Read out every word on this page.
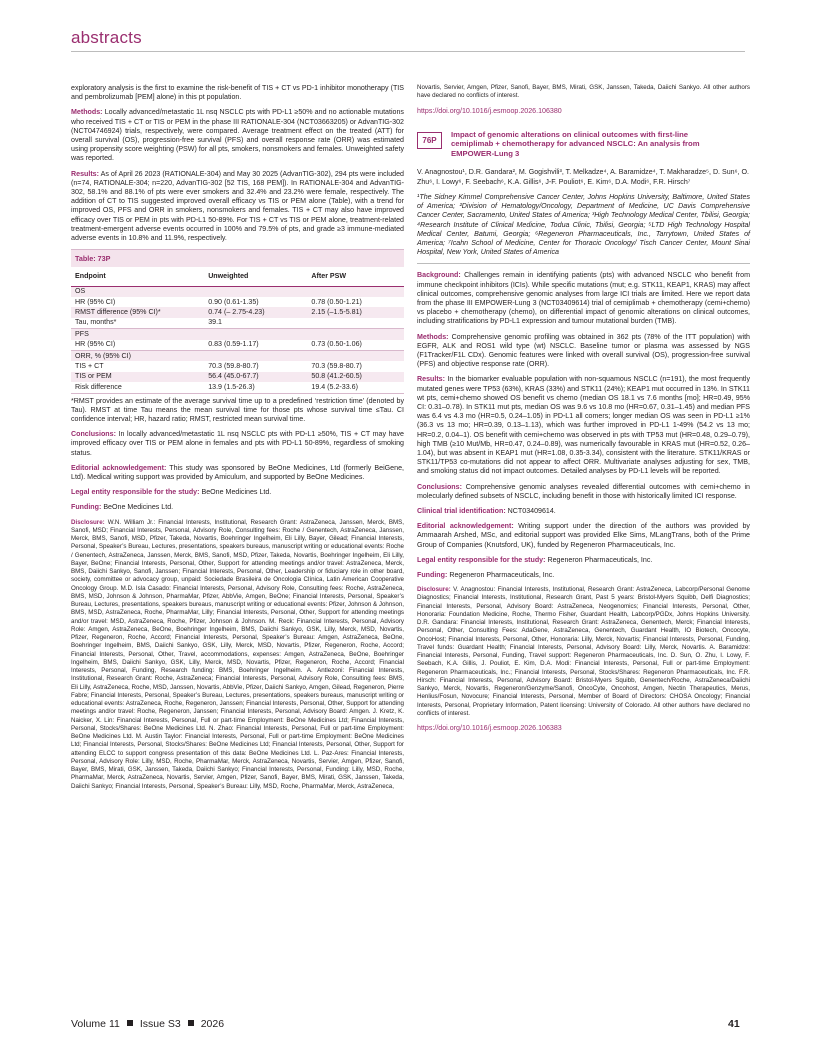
abstracts

exploratory analysis is the first to examine the risk-benefit of TIS + CT vs PD-1 inhibitor monotherapy (TIS and pembrolizumab [PEM] alone) in this pt population.

Methods: Locally advanced/metastatic 1L nsq NSCLC pts with PD-L1 ≥50% and no actionable mutations who received TIS + CT or TIS or PEM in the phase III RATIONALE-304 (NCT03663205) or AdvanTIG-302 (NCT04746924) trials, respectively, were compared. Average treatment effect on the treated (ATT) for overall survival (OS), progression-free survival (PFS) and overall response rate (ORR) was estimated using propensity score weighting (PSW) for all pts, smokers, nonsmokers and females. Unweighted safety was reported.

Results: As of April 26 2023 (RATIONALE-304) and May 30 2025 (AdvanTIG-302), 294 pts were included (n=74, RATIONALE-304; n=220, AdvanTIG-302 [52 TIS, 168 PEM]). In RATIONALE-304 and AdvanTIG-302, 58.1% and 88.1% of pts were ever smokers and 32.4% and 23.2% were female, respectively. The addition of CT to TIS suggested improved overall efficacy vs TIS or PEM alone (Table), with a trend for improved OS, PFS and ORR in smokers, nonsmokers and females. TIS + CT may also have improved efficacy over TIS or PEM in pts with PD-L1 50-89%. For TIS + CT vs TIS or PEM alone, treatment-related treatment-emergent adverse events occurred in 100% and 79.5% of pts, and grade ≥3 immune-mediated adverse events in 10.8% and 11.9%, respectively.

Table: 73P
Endpoint	Unweighted	After PSW
OS		
HR (95% CI)	0.90 (0.61-1.35)	0.78 (0.50-1.21)
RMST difference (95% CI)*	0.74 (– 2.75-4.23)	2.15 (–1.5-5.81)
Tau, months*	39.1	
PFS		
HR (95% CI)	0.83 (0.59-1.17)	0.73 (0.50-1.06)
ORR, % (95% CI)		
TIS + CT	70.3 (59.8-80.7)	70.3 (59.8-80.7)
TIS or PEM	56.4 (45.0-67.7)	50.8 (41.2-60.5)
Risk difference	13.9 (1.5-26.3)	19.4 (5.2-33.6)

*RMST provides an estimate of the average survival time up to a predefined ‘restriction time’ (denoted by Tau). RMST at time Tau means the mean survival time for those pts whose survival time ≤Tau. CI confidence interval; HR, hazard ratio; RMST, restricted mean survival time.

Conclusions: In locally advanced/metastatic 1L nsq NSCLC pts with PD-L1 ≥50%, TIS + CT may have improved efficacy over TIS or PEM alone in females and pts with PD-L1 50-89%, regardless of smoking status.

Editorial acknowledgement: This study was sponsored by BeOne Medicines, Ltd (formerly BeiGene, Ltd). Medical writing support was provided by Amiculum, and supported by BeOne Medicines.

Legal entity responsible for the study: BeOne Medicines Ltd.

Funding: BeOne Medicines Ltd.

Disclosure: W.N. William Jr.: Financial Interests, Institutional, Research Grant: AstraZeneca, Janssen, Merck, BMS, Sanofi, MSD; Financial Interests, Personal, Advisory Role, Consulting fees: Roche / Genentech, AstraZeneca, Janssen, Merck, BMS, Sanofi, MSD, Pfizer, Takeda, Novartis, Boehringer Ingelheim, Eli Lilly, Bayer, Gilead; Financial Interests, Personal, Speaker’s Bureau, Lectures, presentations, speakers bureaus, manuscript writing or educational events: Roche / Genentech, AstraZeneca, Janssen, Merck, BMS, Sanofi, MSD, Pfizer, Takeda, Novartis, Boehringer Ingelheim, Eli Lilly, Bayer, BeOne; Financial Interests, Personal, Other, Support for attending meetings and/or travel: AstraZeneca, Merck, BMS, Daiichi Sankyo, Sanofi, Janssen; Financial Interests, Personal, Other, Leadership or fiduciary role in other board, society, committee or advocacy group, unpaid: Sociedade Brasileira de Oncologia Clínica, Latin American Cooperative Oncology Group. M.D. Isla Casado: Financial Interests, Personal, Advisory Role, Consulting fees: Roche, AstraZeneca, BMS, MSD, Johnson & Johnson, PharmaMar, Pfizer, AbbVie, Amgen, BeOne; Financial Interests, Personal, Speaker’s Bureau, Lectures, presentations, speakers bureaus, manuscript writing or educational events: Pfizer, Johnson & Johnson, BMS, MSD, AstraZeneca, Roche, PharmaMar, Lilly; Financial Interests, Personal, Other, Support for attending meetings and/or travel: MSD, AstraZeneca, Roche, Pfizer, Johnson & Johnson. M. Reck: Financial Interests, Personal, Advisory Role: Amgen, AstraZeneca, BeOne, Boehringer Ingelheim, BMS, Daiichi Sankyo, GSK, Lilly, Merck, MSD, Novartis, Pfizer, Regeneron, Roche, Accord; Financial Interests, Personal, Speaker’s Bureau: Amgen, AstraZeneca, BeOne, Boehringer Ingelheim, BMS, Daiichi Sankyo, GSK, Lilly, Merck, MSD, Novartis, Pfizer, Regeneron, Roche, Accord; Financial Interests, Personal, Other, Travel, accommodations, expenses: Amgen, AstraZeneca, BeOne, Boehringer Ingelheim, BMS, Daiichi Sankyo, GSK, Lilly, Merck, MSD, Novartis, Pfizer, Regeneron, Roche, Accord; Financial Interests, Personal, Funding, Research funding: BMS, Boehringer Ingelheim. A. Antlezoni: Financial Interests, Institutional, Research Grant: Roche, AstraZeneca; Financial Interests, Personal, Advisory Role, Consulting fees: BMS, Eli Lilly, AstraZeneca, Roche, MSD, Janssen, Novartis, AbbVie, Pfizer, Daiichi Sankyo, Amgen, Gilead, Regeneron, Pierre Fabre; Financial Interests, Personal, Speaker’s Bureau, Lectures, presentations, speakers bureaus, manuscript writing or educational events: AstraZeneca, Roche, Regeneron, Janssen; Financial Interests, Personal, Other, Support for attending meetings and/or travel: Roche, Regeneron, Janssen; Financial Interests, Personal, Advisory Board: Amgen. J. Kretz, K. Naicker, X. Lin: Financial Interests, Personal, Full or part-time Employment: BeOne Medicines Ltd; Financial Interests, Personal, Stocks/Shares: BeOne Medicines Ltd. N. Zhao: Financial Interests, Personal, Full or part-time Employment: BeOne Medicines Ltd. M. Austin Taylor: Financial Interests, Personal, Full or part-time Employment: BeOne Medicines Ltd; Financial Interests, Personal, Stocks/Shares: BeOne Medicines Ltd; Financial Interests, Personal, Other, Support for attending ELCC to support congress presentation of this data: BeOne Medicines Ltd. L. Paz-Ares: Financial Interests, Personal, Advisory Role: Lilly, MSD, Roche, PharmaMar, Merck, AstraZeneca, Novartis, Servier, Amgen, Pfizer, Sanofi, Bayer, BMS, Mirati, GSK, Janssen, Takeda, Daiichi Sankyo; Financial Interests, Personal, Funding: Lilly, MSD, Roche, PharmaMar, Merck, AstraZeneca, Novartis, Servier, Amgen, Pfizer, Sanofi, Bayer, BMS, Mirati, GSK, Janssen, Takeda, Daiichi Sankyo; Financial Interests, Personal, Speaker’s Bureau: Lilly, MSD, Roche, PharmaMar, Merck, AstraZeneca,

Novartis, Servier, Amgen, Pfizer, Sanofi, Bayer, BMS, Mirati, GSK, Janssen, Takeda, Daiichi Sankyo. All other authors have declared no conflicts of interest.

https://doi.org/10.1016/j.esmoop.2026.106380

76P
Impact of genomic alterations on clinical outcomes with first-line cemiplimab + chemotherapy for advanced NSCLC: An analysis from EMPOWER-Lung 3
V. Anagnostou¹, D.R. Gandara², M. Gogishvili³, T. Melkadze⁴, A. Baramidze⁴, T. Makharadze⁵, D. Sun⁶, O. Zhu⁶, I. Lowy⁶, F. Seebach⁶, K.A. Gillis⁶, J-F. Pouliot⁶, E. Kim⁶, D.A. Modi⁶, F.R. Hirsch⁷
¹The Sidney Kimmel Comprehensive Cancer Center, Johns Hopkins University, Baltimore, United States of America; ²Division of Hematology/Oncology, Department of Medicine, UC Davis Comprehensive Cancer Center, Sacramento, United States of America; ³High Technology Medical Center, Tbilisi, Georgia; ⁴Research Institute of Clinical Medicine, Todua Clinic, Tbilisi, Georgia; ⁵LTD High Technology Hospital Medical Center, Batumi, Georgia; ⁶Regeneron Pharmaceuticals, Inc., Tarrytown, United States of America; ⁷Icahn School of Medicine, Center for Thoracic Oncology/ Tisch Cancer Center, Mount Sinai Hospital, New York, United States of America

Background: Challenges remain in identifying patients (pts) with advanced NSCLC who benefit from immune checkpoint inhibitors (ICIs). While specific mutations (mut; e.g. STK11, KEAP1, KRAS) may affect clinical outcomes, comprehensive genomic analyses from large ICI trials are limited. Here we report data from the phase III EMPOWER-Lung 3 (NCT03409614) trial of cemiplimab + chemotherapy (cemi+chemo) vs placebo + chemotherapy (chemo), on differential impact of genomic alterations on clinical outcomes, including stratifications by PD-L1 expression and tumour mutational burden (TMB).

Methods: Comprehensive genomic profiling was obtained in 362 pts (78% of the ITT population) with EGFR, ALK and ROS1 wild type (wt) NSCLC. Baseline tumor or plasma was assessed by NGS (F1Tracker/F1L CDx). Genomic features were linked with overall survival (OS), progression-free survival (PFS) and objective response rate (ORR).

Results: In the biomarker evaluable population with non-squamous NSCLC (n=191), the most frequently mutated genes were TP53 (63%), KRAS (33%) and STK11 (24%); KEAP1 mut occurred in 13%. In STK11 wt pts, cemi+chemo showed OS benefit vs chemo (median OS 18.1 vs 7.6 months [mo]; HR=0.49, 95% CI: 0.31–0.78). In STK11 mut pts, median OS was 9.6 vs 10.8 mo (HR=0.67, 0.31–1.45) and median PFS was 6.4 vs 4.3 mo (HR=0.5, 0.24–1.05) in PD-L1 all comers; longer median OS was seen in PD-L1 ≥1% (36.3 vs 13 mo; HR=0.39, 0.13–1.13), which was further improved in PD-L1 1-49% (54.2 vs 13 mo; HR=0.2, 0.04–1). OS benefit with cemi+chemo was observed in pts with TP53 mut (HR=0.48, 0.29–0.79), high TMB (≥10 Mut/Mb, HR=0.47, 0.24–0.89), was numerically favourable in KRAS mut (HR=0.52, 0.26–1.04), but was absent in KEAP1 mut (HR=1.08, 0.35-3.34), consistent with the literature. STK11/KRAS or STK11/TP53 co-mutations did not appear to affect ORR. Multivariate analyses adjusting for sex, TMB, and smoking status did not impact outcomes. Detailed analyses by PD-L1 levels will be reported.

Conclusions: Comprehensive genomic analyses revealed differential outcomes with cemi+chemo in molecularly defined subsets of NSCLC, including benefit in those with historically limited ICI response.

Clinical trial identification: NCT03409614.

Editorial acknowledgement: Writing support under the direction of the authors was provided by Ammaarah Arshed, MSc, and editorial support was provided Elke Sims, MLangTrans, both of the Prime Group of Companies (Knutsford, UK), funded by Regeneron Pharmaceuticals, Inc.

Legal entity responsible for the study: Regeneron Pharmaceuticals, Inc.

Funding: Regeneron Pharmaceuticals, Inc.

Disclosure: V. Anagnostou: Financial Interests, Institutional, Research Grant: AstraZeneca, Labcorp/Personal Genome Diagnostics; Financial Interests, Institutional, Research Grant, Past 5 years: Bristol-Myers Squibb, Delfi Diagnostics; Financial Interests, Personal, Advisory Board: AstraZeneca, Neogenomics; Financial Interests, Personal, Other, Honoraria: Foundation Medicine, Roche, Thermo Fisher, Guardant Health, Labcorp/PGDx, Johns Hopkins University. D.R. Gandara: Financial Interests, Institutional, Research Grant: AstraZeneca, Genentech, Merck; Financial Interests, Personal, Other, Consulting Fees: AdaGene, AstraZeneca, Genentech, Guardant Health, IO Biotech, Oncocyte, OncoHost; Financial Interests, Personal, Other, Honoraria: Lilly, Merck, Novartis; Financial Interests, Personal, Funding, Travel funds: Guardant Health; Financial Interests, Personal, Advisory Board: Lilly, Merck, Novartis. A. Baramidze: Financial Interests, Personal, Funding, Travel support: Regeneron Pharmaceuticals, Inc. D. Sun, O. Zhu, I. Lowy, F. Seebach, K.A. Gillis, J. Pouliot, E. Kim, D.A. Modi: Financial Interests, Personal, Full or part-time Employment: Regeneron Pharmaceuticals, Inc.; Financial Interests, Personal, Stocks/Shares: Regeneron Pharmaceuticals, Inc. F.R. Hirsch: Financial Interests, Personal, Advisory Board: Bristol-Myers Squibb, Genentech/Roche, AstraZeneca/Daiichi Sankyo, Merck, Novartis, Regeneron/Genzyme/Sanofi, OncoCyte, Oncohost, Amgen, Nectin Therapeutics, Merus, Henlius/Fosun, Novocure; Financial Interests, Personal, Member of Board of Directors: CHOSA Oncology; Financial Interests, Personal, Proprietary Information, Patent licensing: University of Colorado. All other authors have declared no conflicts of interest.

https://doi.org/10.1016/j.esmoop.2026.106383

Volume 11 Issue S3 2026	41
